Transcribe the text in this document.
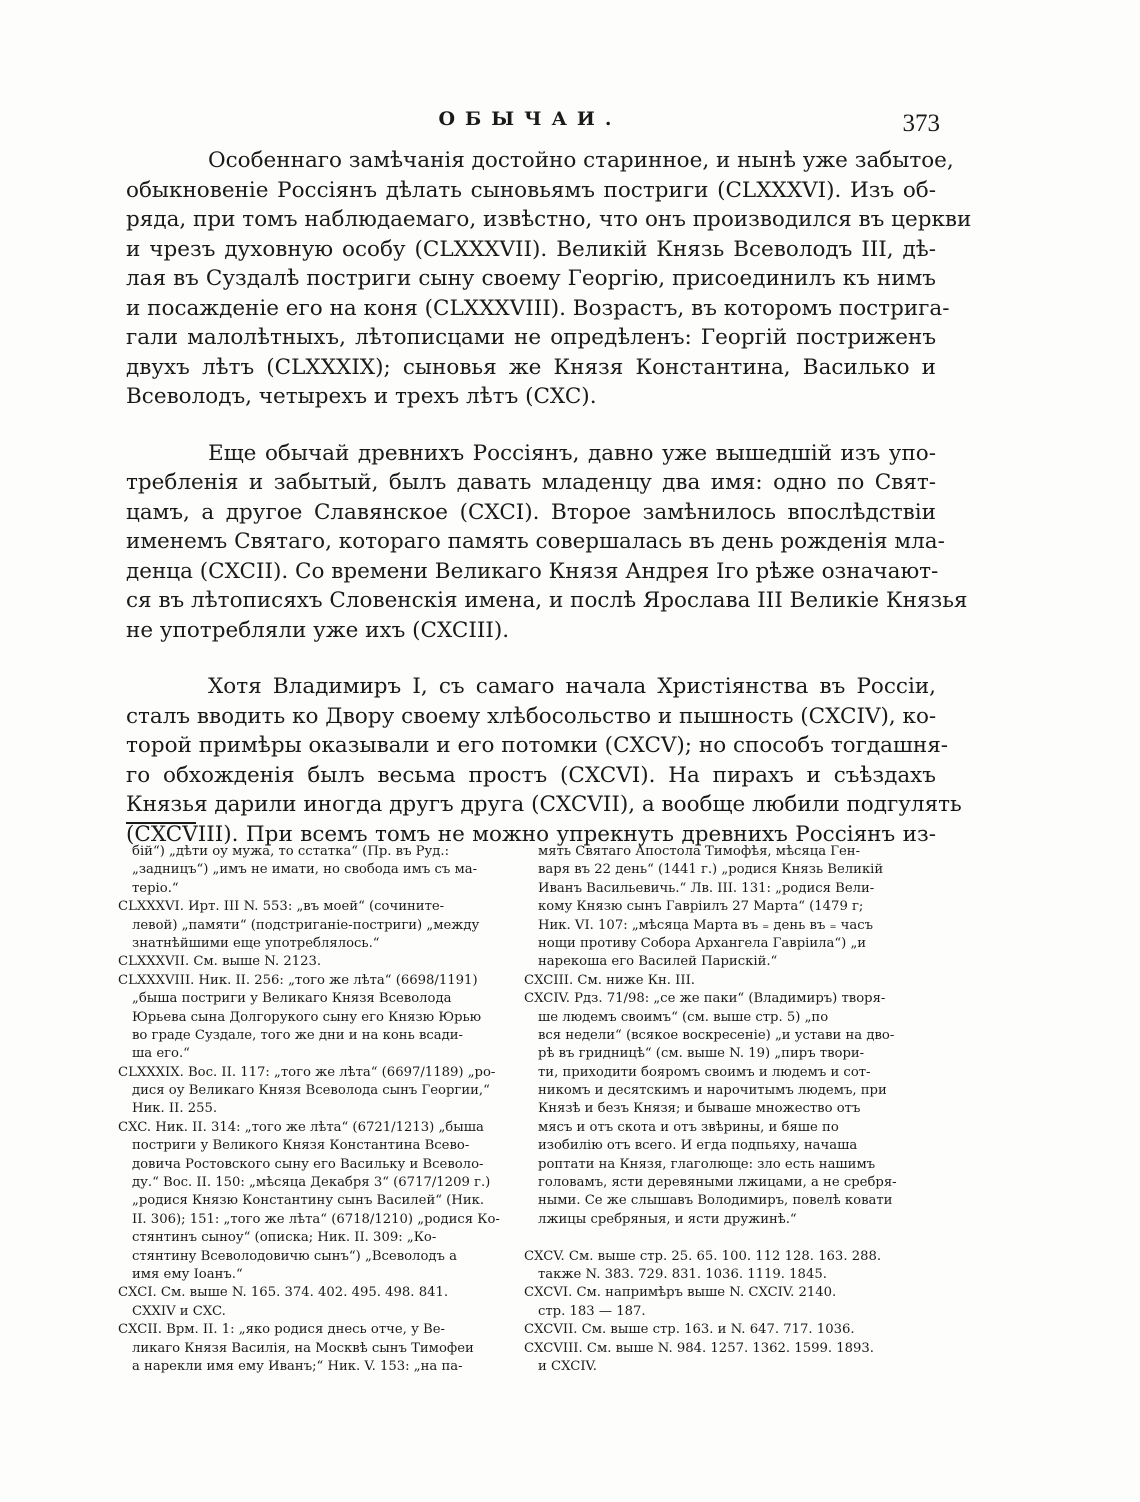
ОБЫЧАИ.	373
Особеннаго замѣчанія достойно старинное, и нынѣ уже забытое,
обыкновеніе Россіянъ дѣлать сыновьямъ постриги (CLXXXVI). Изъ об-
ряда, при томъ наблюдаемаго, извѣстно, что онъ производился въ церкви
и чрезъ духовную особу (CLXXXVII). Великій Князь Всеволодъ III, дѣ-
лая въ Суздалѣ постриги сыну своему Георгію, присоединилъ къ нимъ
и посажденіе его на коня (CLXXXVIII). Возрастъ, въ которомъ пострига-
гали малолѣтныхъ, лѣтописцами не опредѣленъ: Георгій постриженъ
двухъ лѣтъ (CLXXXIX); сыновья же Князя Константина, Василько и
Всеволодъ, четырехъ и трехъ лѣтъ (CXC).
Еще обычай древнихъ Россіянъ, давно уже вышедшій изъ упо-
требленія и забытый, былъ давать младенцу два имя: одно по Свят-
цамъ, а другое Славянское (CXCI). Второе замѣнилось впослѣдствіи
именемъ Святаго, котораго память совершалась въ день рожденія мла-
денца (CXCII). Со времени Великаго Князя Андрея Iго рѣже означают-
ся въ лѣтописяхъ Словенскія имена, и послѣ Ярослава III Великіе Князья
не употребляли уже ихъ (CXCIII).
Хотя Владимиръ I, съ самаго начала Христіянства въ Россіи,
сталъ вводить ко Двору своему хлѣбосольство и пышность (CXCIV), ко-
торой примѣры оказывали и его потомки (CXCV); но способъ тогдашня-
го обхожденія былъ весьма простъ (CXCVI). На пирахъ и съѣздахъ
Князья дарили иногда другъ друга (CXCVII), а вообще любили подгулять
(CXCVIII). При всемъ томъ не можно упрекнуть древнихъ Россіянъ из-
бій“) „дѣти оу мужа, то сстатка“ (Пр. въ Руд.:
„задницъ“) „имъ не имати, но свобода имъ съ ма-
теріо.“
CLXXXVI. Ирт. III N. 553: „въ моей“ (сочините-
левой) „памяти“ (подстриганіе-постриги) „между
знатнѣйшими еще употреблялось.“
CLXXXVII. См. выше N. 2123.
CLXXXVIII. Ник. II. 256: „того же лѣта“ (6698/1191)
„быша постриги у Великаго Князя Всеволода
Юрьева сына Долгорукого сыну его Князю Юрью
во граде Суздале, того же дни и на конь всади-
ша его.“
CLXXXIX. Вос. II. 117: „того же лѣта“ (6697/1189) „ро-
дися оу Великаго Князя Всеволода сынъ Георгии,“
Ник. II. 255.
CXC. Ник. II. 314: „того же лѣта“ (6721/1213) „быша
постриги у Великого Князя Константина Всево-
довича Ростовского сыну его Васильку и Всеволо-
ду.“ Вос. II. 150: „мѣсяца Декабря 3“ (6717/1209 г.)
„родися Князю Константину сынъ Василей“ (Ник.
II. 306); 151: „того же лѣта“ (6718/1210) „родися Ко-
стянтинъ сыноу“ (описка; Ник. II. 309: „Ко-
стянтину Всеволодовичю сынъ“) „Всеволодъ а
имя ему Іоанъ.“
CXCI. См. выше N. 165. 374. 402. 495. 498. 841.
CXXIV и CXC.
CXCII. Врм. II. 1: „яко родися днесь отче, у Ве-
ликаго Князя Василія, на Москвѣ сынъ Тимофеи
а нарекли имя ему Иванъ;“ Ник. V. 153: „на па-
мять Святаго Апостола Тимофѣя, мѣсяца Ген-
варя въ 22 день“ (1441 г.) „родися Князь Великій
Иванъ Васильевичь.“ Лв. III. 131: „родися Вели-
кому Князю сынъ Гавріилъ 27 Марта“ (1479 г;
Ник. VI. 107: „мѣсяца Марта въ ₌ день въ ₌ часъ
нощи противу Собора Архангела Гавріила“) „и
нарекоша его Василей Парискій.“
CXCIII. См. ниже Кн. III.
CXCIV. Рдз. 71/98: „се же паки“ (Владимиръ) творя-
ше людемъ своимъ“ (см. выше стр. 5) „по
вся недели“ (всякое воскресеніе) „и устави на дво-
рѣ въ гридницѣ“ (см. выше N. 19) „пиръ твори-
ти, приходити бояромъ своимъ и людемъ и сот-
никомъ и десятскимъ и нарочитымъ людемъ, при
Князѣ и безъ Князя; и бываше множество отъ
мясъ и отъ скота и отъ звѣрины, и бяше по
изобилію отъ всего. И егда подпьяху, начаша
роптати на Князя, глаголюще: зло есть нашимъ
головамъ, ясти деревяными лжицами, а не сребря-
ными. Се же слышавъ Володимиръ, повелѣ ковати
лжицы сребряныя, и ясти дружинѣ.“
CXCV. См. выше стр. 25. 65. 100. 112 128. 163. 288.
также N. 383. 729. 831. 1036. 1119. 1845.
CXCVI. См. напримѣръ выше N. CXCIV. 2140.
стр. 183 — 187.
CXCVII. См. выше стр. 163. и N. 647. 717. 1036.
CXCVIII. См. выше N. 984. 1257. 1362. 1599. 1893.
и CXCIV.
